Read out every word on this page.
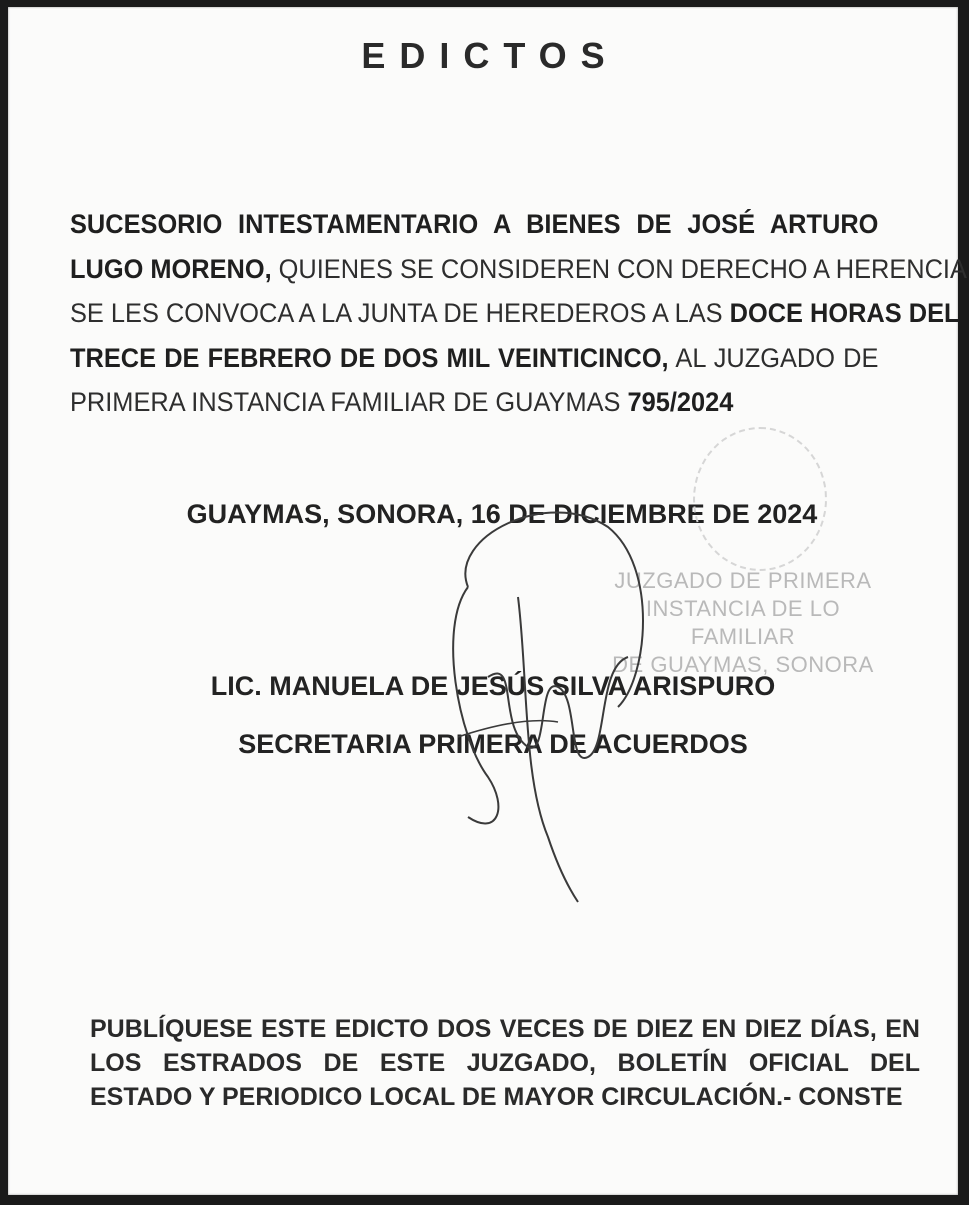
EDICTOS
SUCESORIO INTESTAMENTARIO A BIENES DE JOSÉ ARTURO
LUGO MORENO, QUIENES SE CONSIDEREN CON DERECHO A HERENCIA
SE LES CONVOCA A LA JUNTA DE HEREDEROS A LAS DOCE HORAS DEL
TRECE DE FEBRERO DE DOS MIL VEINTICINCO, AL JUZGADO DE
PRIMERA INSTANCIA FAMILIAR DE GUAYMAS 795/2024
GUAYMAS, SONORA, 16 DE DICIEMBRE DE 2024
JUZGADO DE PRIMERA
INSTANCIA DE LO FAMILIAR
DE GUAYMAS, SONORA
LIC. MANUELA DE JESÚS SILVA ARISPURO
SECRETARIA PRIMERA DE ACUERDOS
PUBLÍQUESE ESTE EDICTO DOS VECES DE DIEZ EN DIEZ DÍAS, EN
LOS ESTRADOS DE ESTE JUZGADO, BOLETÍN OFICIAL DEL
ESTADO Y PERIODICO LOCAL DE MAYOR CIRCULACIÓN.- CONSTE
